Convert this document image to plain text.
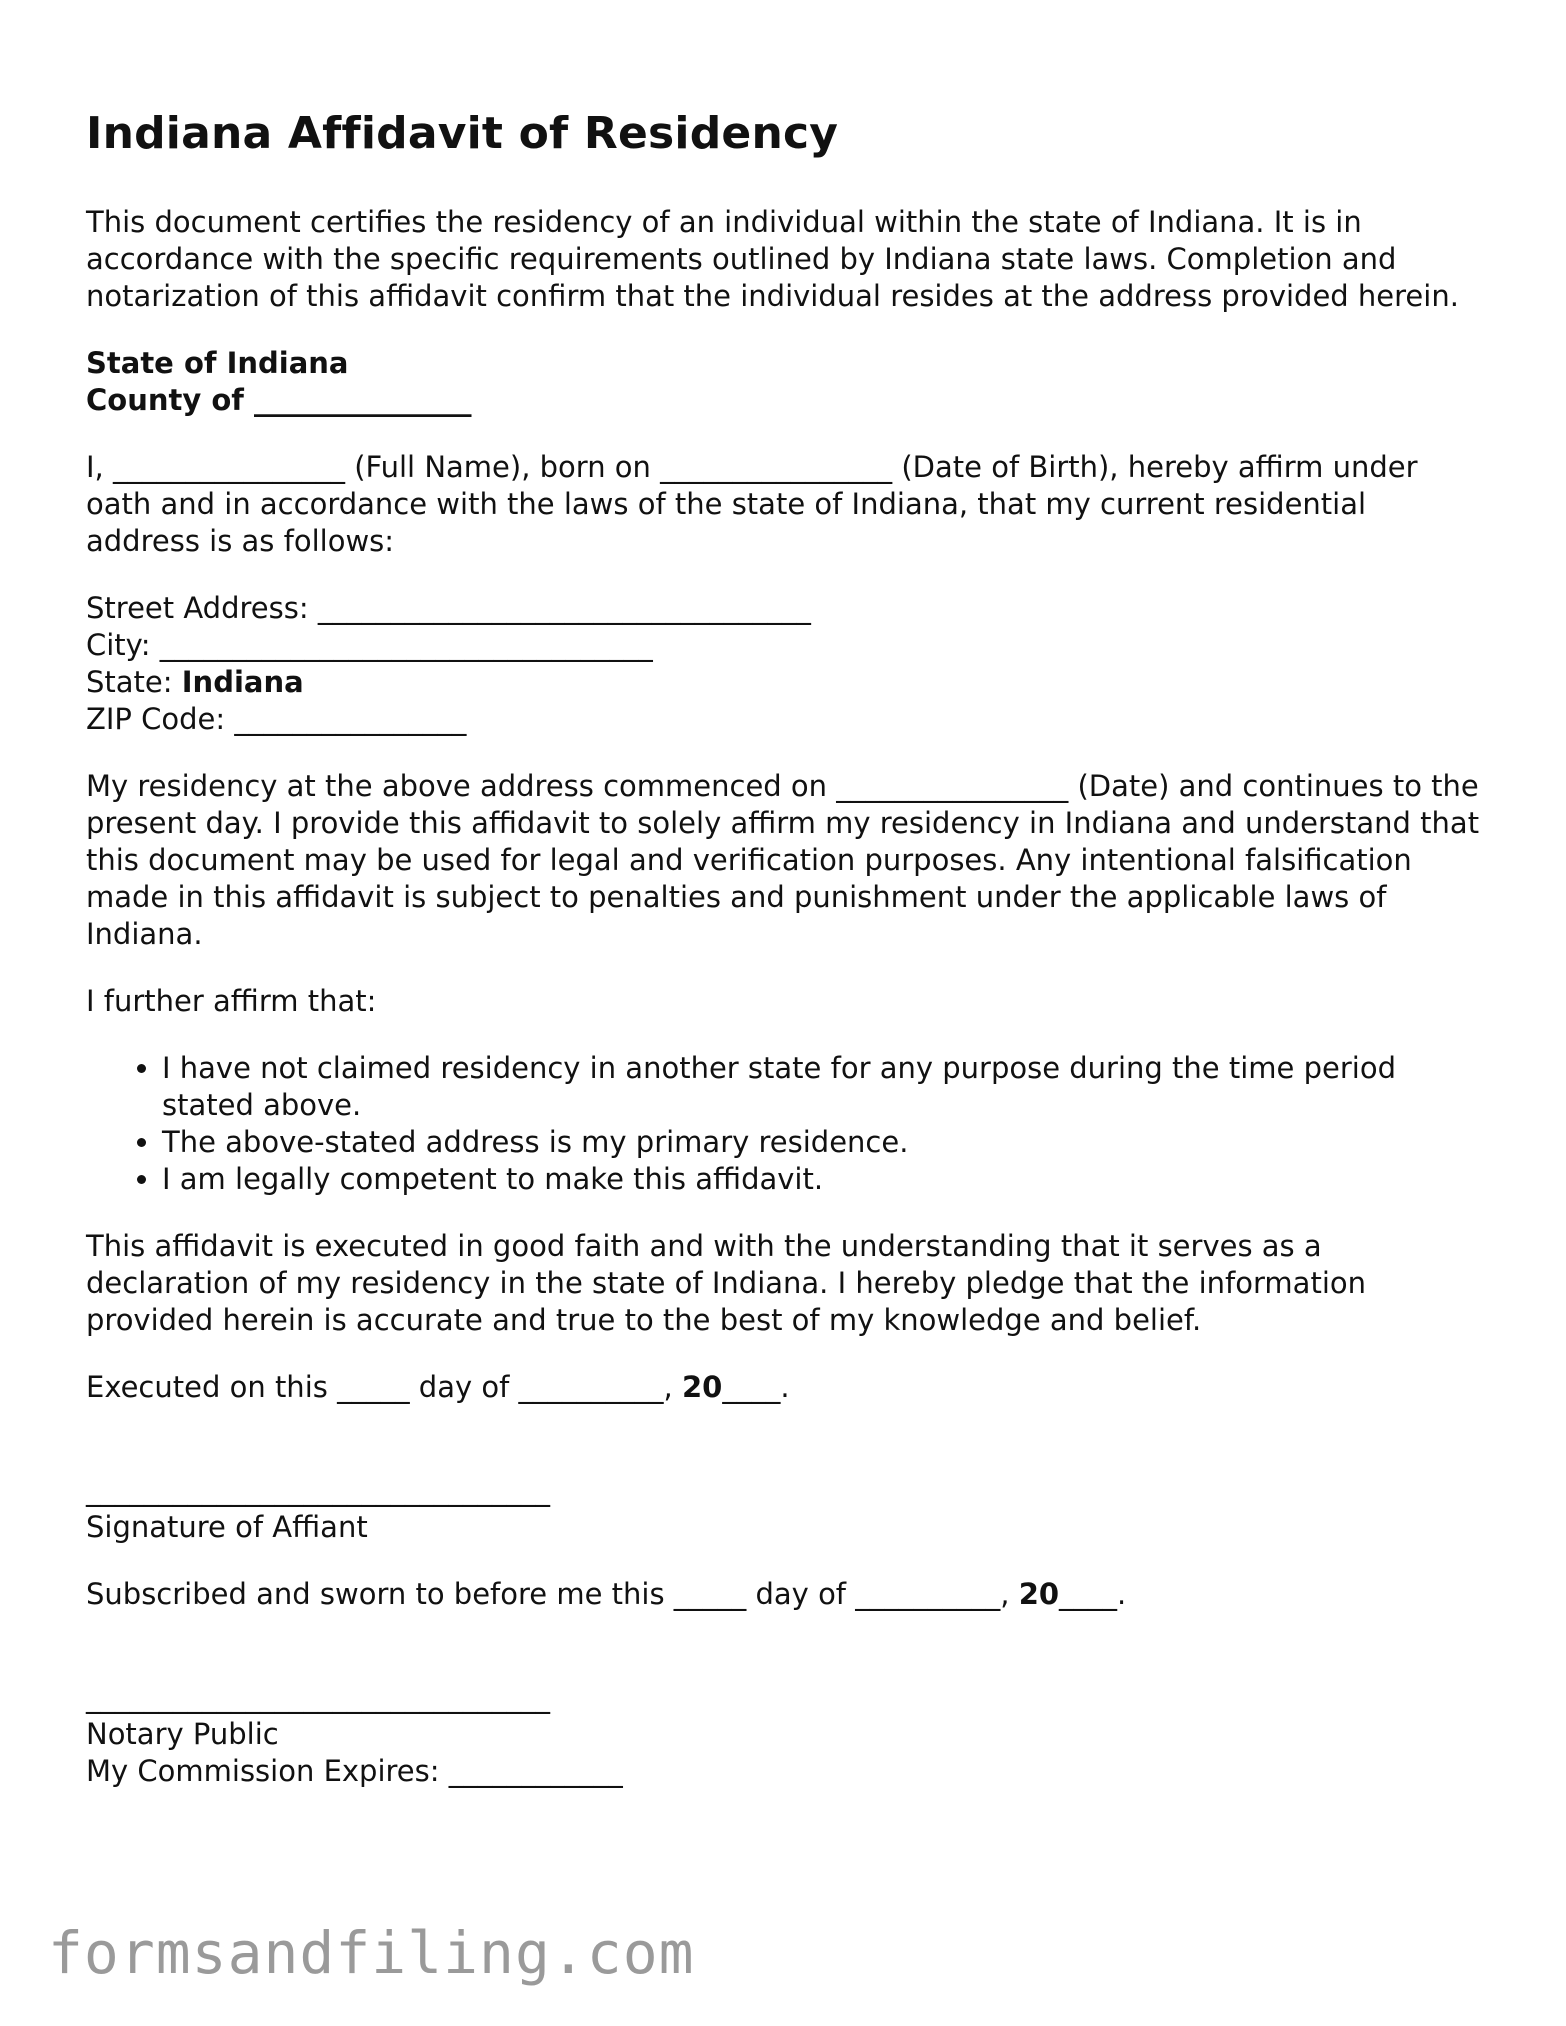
Indiana Affidavit of Residency

This document certifies the residency of an individual within the state of Indiana. It is in accordance with the specific requirements outlined by Indiana state laws. Completion and notarization of this affidavit confirm that the individual resides at the address provided herein.

State of Indiana
County of _______________

I, ________________ (Full Name), born on ________________ (Date of Birth), hereby affirm under oath and in accordance with the laws of the state of Indiana, that my current residential address is as follows:

Street Address: __________________________________
City: __________________________________
State: Indiana
ZIP Code: ________________

My residency at the above address commenced on ________________ (Date) and continues to the present day. I provide this affidavit to solely affirm my residency in Indiana and understand that this document may be used for legal and verification purposes. Any intentional falsification made in this affidavit is subject to penalties and punishment under the applicable laws of Indiana.

I further affirm that:

• I have not claimed residency in another state for any purpose during the time period stated above.
• The above-stated address is my primary residence.
• I am legally competent to make this affidavit.

This affidavit is executed in good faith and with the understanding that it serves as a declaration of my residency in the state of Indiana. I hereby pledge that the information provided herein is accurate and true to the best of my knowledge and belief.

Executed on this _____ day of __________, 20____.

________________________________
Signature of Affiant

Subscribed and sworn to before me this _____ day of __________, 20____.

________________________________
Notary Public
My Commission Expires: ____________
formsandfiling.com
